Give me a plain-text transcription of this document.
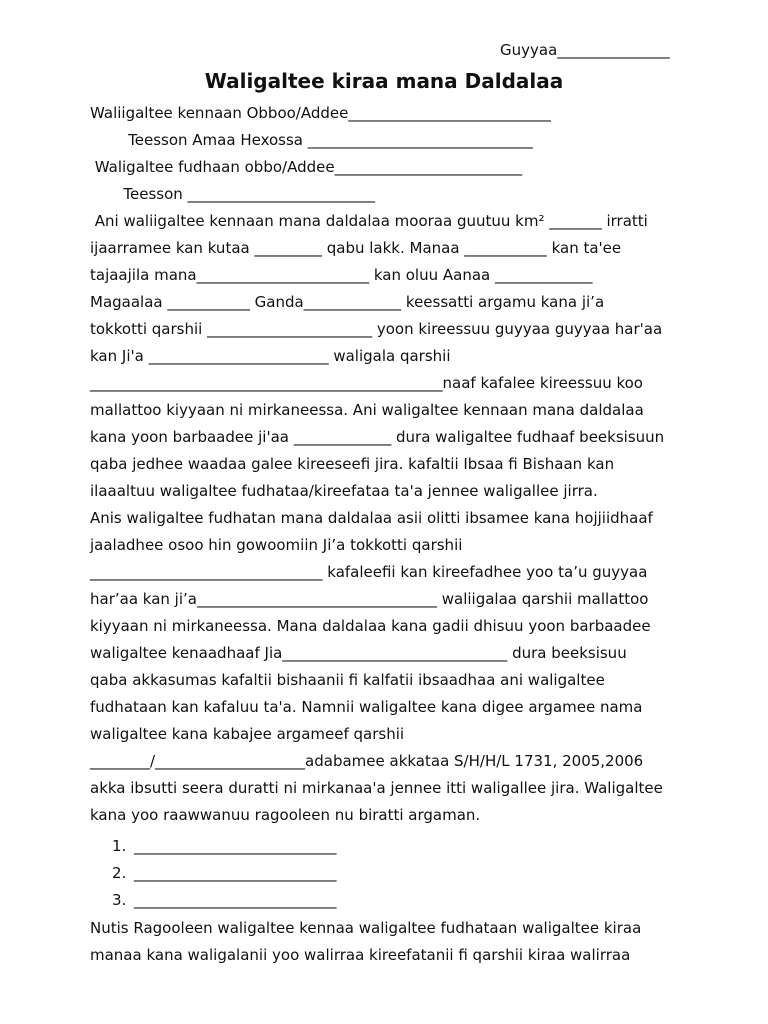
Guyyaa_______________
Waligaltee kiraa mana Daldalaa
Waliigaltee kennaan Obboo/Addee___________________________
Teesson Amaa Hexossa ______________________________
Waligaltee fudhaan obbo/Addee_________________________
Teesson _________________________
Ani waliigaltee kennaan mana daldalaa mooraa guutuu km² _______ irratti
ijaarramee kan kutaa _________ qabu lakk. Manaa ___________ kan ta'ee
tajaajila mana_______________________ kan oluu Aanaa _____________
Magaalaa ___________ Ganda_____________ keessatti argamu kana ji’a
tokkotti qarshii ______________________ yoon kireessuu guyyaa guyyaa har'aa
kan Ji'a ________________________ waligala qarshii
_______________________________________________naaf kafalee kireessuu koo
mallattoo kiyyaan ni mirkaneessa. Ani waligaltee kennaan mana daldalaa
kana yoon barbaadee ji'aa _____________ dura waligaltee fudhaaf beeksisuun
qaba jedhee waadaa galee kireeseefi jira. kafaltii Ibsaa fi Bishaan kan
ilaaaltuu waligaltee fudhataa/kireefataa ta'a jennee waligallee jirra.
Anis waligaltee fudhatan mana daldalaa asii olitti ibsamee kana hojjiidhaaf
jaaladhee osoo hin gowoomiin Ji’a tokkotti qarshii
_______________________________ kafaleefii kan kireefadhee yoo ta’u guyyaa
har’aa kan ji’a________________________________ waliigalaa qarshii mallattoo
kiyyaan ni mirkaneessa. Mana daldalaa kana gadii dhisuu yoon barbaadee
waligaltee kenaadhaaf Jia______________________________ dura beeksisuu
qaba akkasumas kafaltii bishaanii fi kalfatii ibsaadhaa ani waligaltee
fudhataan kan kafaluu ta'a. Namnii waligaltee kana digee argamee nama
waligaltee kana kabajee argameef qarshii
________/____________________adabamee akkataa S/H/H/L 1731, 2005,2006
akka ibsutti seera duratti ni mirkanaa'a jennee itti waligallee jira. Waligaltee
kana yoo raawwanuu ragooleen nu biratti argaman.
1. ___________________________
2. ___________________________
3. ___________________________
Nutis Ragooleen waligaltee kennaa waligaltee fudhataan waligaltee kiraa
manaa kana waligalanii yoo walirraa kireefatanii fi qarshii kiraa walirraa
